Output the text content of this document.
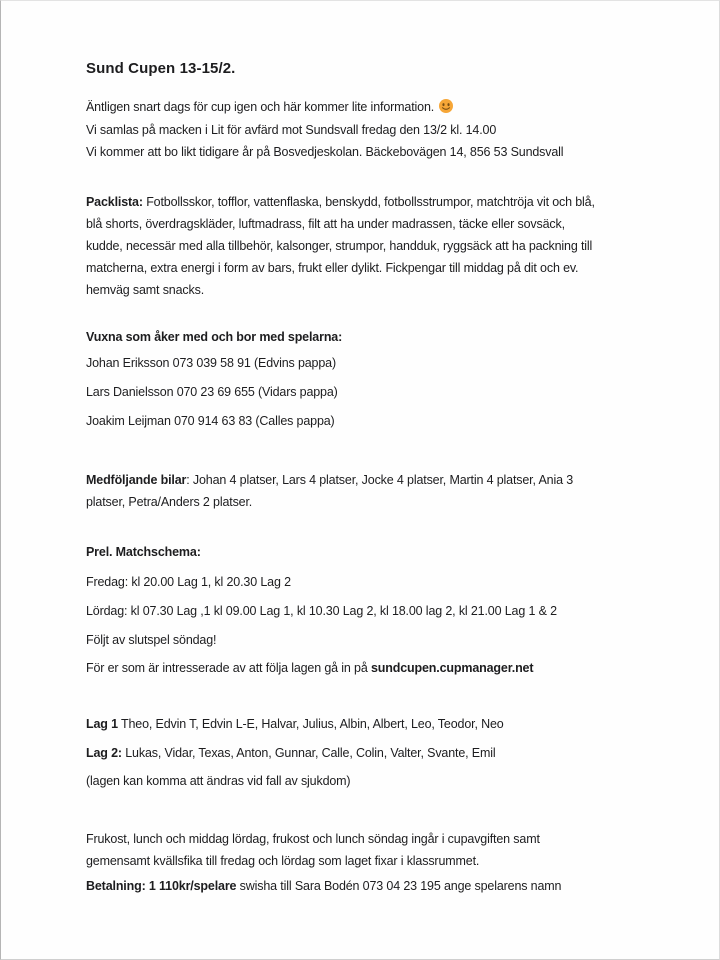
Sund Cupen 13-15/2.
Äntligen snart dags för cup igen och här kommer lite information.
Vi samlas på macken i Lit för avfärd mot Sundsvall fredag den 13/2 kl. 14.00
Vi kommer att bo likt tidigare år på Bosvedjeskolan. Bäckebovägen 14, 856 53 Sundsvall
Packlista: Fotbollsskor, tofflor, vattenflaska, benskydd, fotbollsstrumpor, matchtröja vit och blå,
blå shorts, överdragskläder, luftmadrass, filt att ha under madrassen, täcke eller sovsäck,
kudde, necessär med alla tillbehör, kalsonger, strumpor, handduk, ryggsäck att ha packning till
matcherna, extra energi i form av bars, frukt eller dylikt. Fickpengar till middag på dit och ev.
hemväg samt snacks.
Vuxna som åker med och bor med spelarna:
Johan Eriksson 073 039 58 91 (Edvins pappa)
Lars Danielsson 070 23 69 655 (Vidars pappa)
Joakim Leijman 070 914 63 83 (Calles pappa)
Medföljande bilar: Johan 4 platser, Lars 4 platser, Jocke 4 platser, Martin 4 platser, Ania 3
platser, Petra/Anders 2 platser.
Prel. Matchschema:
Fredag: kl 20.00 Lag 1, kl 20.30 Lag 2
Lördag: kl 07.30 Lag ,1 kl 09.00 Lag 1, kl 10.30 Lag 2, kl 18.00 lag 2, kl 21.00 Lag 1 & 2
Följt av slutspel söndag!
För er som är intresserade av att följa lagen gå in på sundcupen.cupmanager.net
Lag 1 Theo, Edvin T, Edvin L-E, Halvar, Julius, Albin, Albert, Leo, Teodor, Neo
Lag 2: Lukas, Vidar, Texas, Anton, Gunnar, Calle, Colin, Valter, Svante, Emil
(lagen kan komma att ändras vid fall av sjukdom)
Frukost, lunch och middag lördag, frukost och lunch söndag ingår i cupavgiften samt
gemensamt kvällsfika till fredag och lördag som laget fixar i klassrummet.
Betalning: 1 110kr/spelare swisha till Sara Bodén 073 04 23 195 ange spelarens namn
